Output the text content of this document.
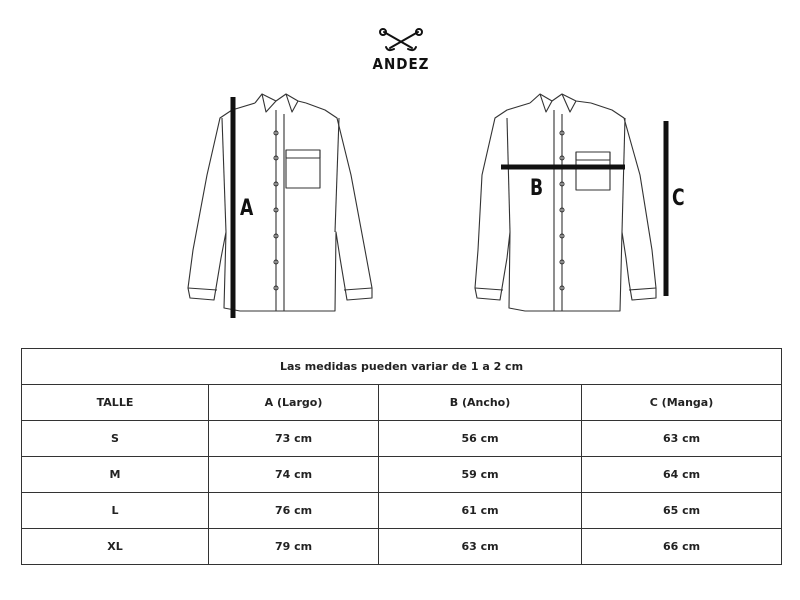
ANDEZ
A
B	C
Las medidas pueden variar de 1 a 2 cm			
TALLE	A (Largo)	B (Ancho)	C (Manga)
S	73 cm	56 cm	63 cm
M	74 cm	59 cm	64 cm
L	76 cm	61 cm	65 cm
XL	79 cm	63 cm	66 cm
